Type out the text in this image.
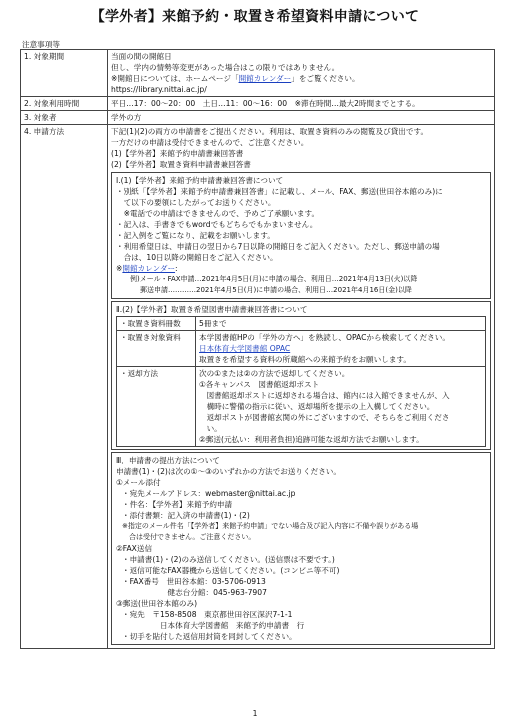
【学外者】来館予約・取置き希望資料申請について
注意事項等
1. 対象期間	当面の間の開館日
但し、学内の情勢等変更があった場合はこの限りではありません。
※開館日については、ホームページ「開館カレンダー」をご覧ください。
https://library.nittai.ac.jp/

2. 対象利用時間	平日…17：00～20：00　土日…11：00～16：00　※滞在時間…最大2時間までとする。
3. 対象者	学外の方
4. 申請方法	下記(1)(2)の両方の申請書をご提出ください。利用は、取置き資料のみの閲覧及び貸出です。
一方だけの申請は受付できませんので、ご注意ください。
(1)【学外者】来館予約申請書兼回答書
(2)【学外者】取置き資料申請書兼回答書
Ⅰ.(1)【学外者】来館予約申請書兼回答書について
・別紙「【学外者】来館予約申請書兼回答書」に記載し、メール、FAX、郵送(世田谷本館のみ)に
　て以下の要領にしたがってお送りください。
　※電話での申請はできませんので、予めご了承願います。
・記入は、手書きでもwordでもどちらでもかまいません。
・記入例をご覧になり、記載をお願いします。
・利用希望日は、申請日の翌日から7日以降の開館日をご記入ください。ただし、郵送申請の場
　合は、10日以降の開館日をご記入ください。
※開館カレンダー:
例)メール・FAX申請…2021年4月5日(月)に申請の場合、利用日…2021年4月13日(火)以降
郵送申請…………2021年4月5日(月)に申請の場合、利用日…2021年4月16日(金)以降
Ⅱ.(2)【学外者】取置き希望図書申請書兼回答書について
・取置き資料冊数	5冊まで
・取置き対象資料	本学図書館HPの「学外の方へ」を熟読し、OPACから検索してください。
日本体育大学図書館 OPAC
取置きを希望する資料の所蔵館への来館予約をお願いします。

・返却方法	次の①または②の方法で返却してください。
①各キャンパス　図書館返却ポスト
　図書館返却ポストに返却される場合は、館内には入館できませんが、入
　構時に警備の指示に従い、返却場所を提示の上入構してください。
　返却ポストが図書館玄関の外にございますので、そちらをご利用くださ
　い。
②郵送(元払い：利用者負担)追跡可能な返却方法でお願いします。
Ⅲ．申請書の提出方法について
申請書(1)・(2)は次の①～③のいずれかの方法でお送りください。
①メール添付
・宛先メールアドレス：webmaster@nittai.ac.jp
・件名：【学外者】来館予約申請
・添付書類：記入済の申請書(1)・(2)
※指定のメール件名「【学外者】来館予約申請」でない場合及び記入内容に不備や誤りがある場
　合は受付できません。ご注意ください。
②FAX送信
・申請書(1)・(2)のみ送信してください。(送信票は不要です。)
・返信可能なFAX器機から送信してください。(コンビニ等不可)
・FAX番号　世田谷本館：03-5706-0913
　　　　　　健志台分館：045-963-7907
③郵送(世田谷本館のみ)
・宛先　〒158-8508　東京都世田谷区深沢7-1-1
　　　　　日本体育大学図書館　来館予約申請書　行
・切手を貼付した返信用封筒を同封してください。
1
